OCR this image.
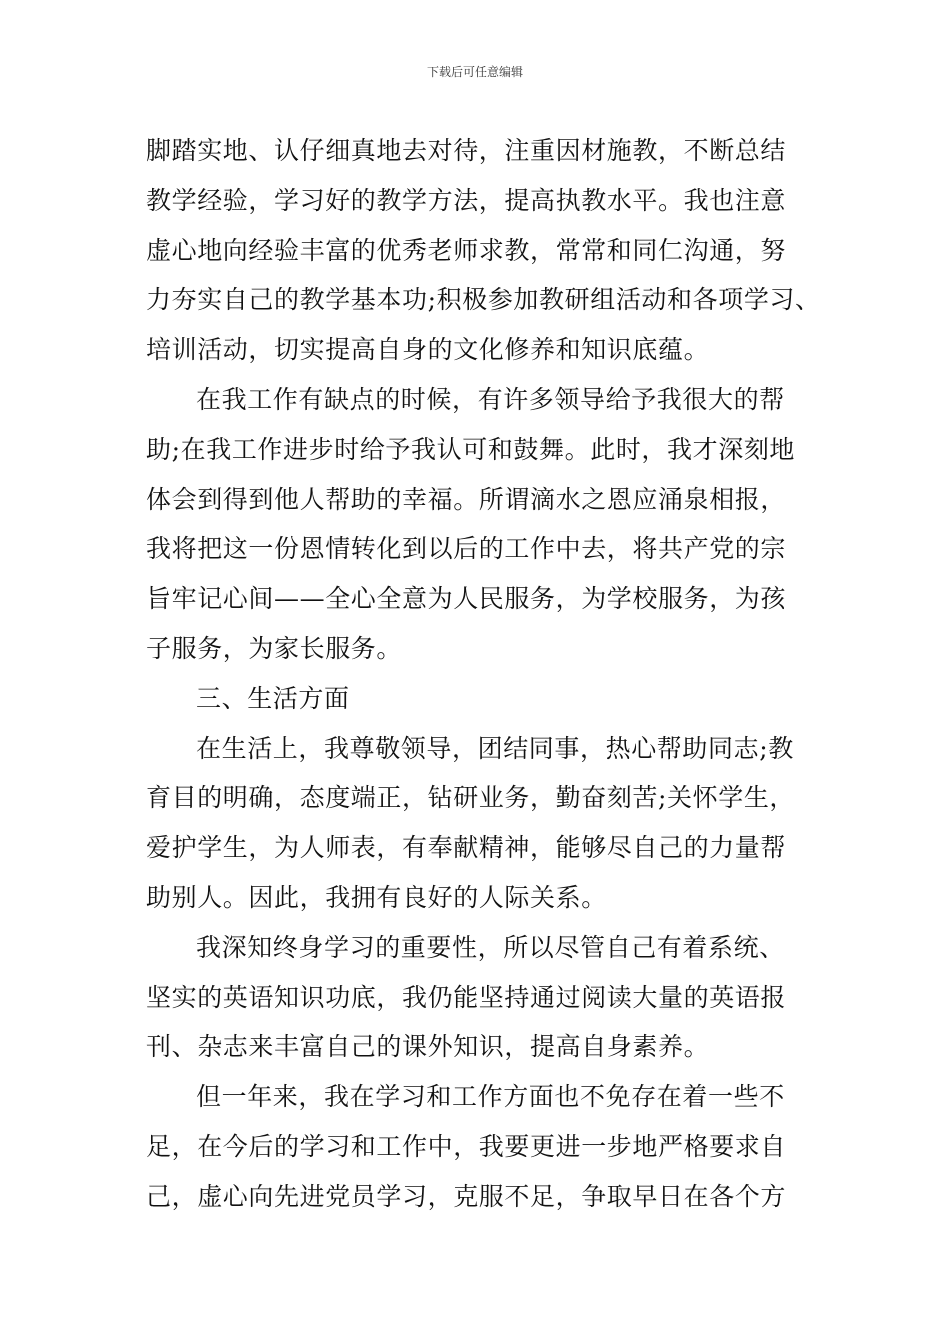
下载后可任意编辑
脚踏实地、认仔细真地去对待，注重因材施教，不断总结
教学经验，学习好的教学方法，提高执教水平。我也注意
虚心地向经验丰富的优秀老师求教，常常和同仁沟通，努
力夯实自己的教学基本功;积极参加教研组活动和各项学习、
培训活动，切实提高自身的文化修养和知识底蕴。
在我工作有缺点的时候，有许多领导给予我很大的帮
助;在我工作进步时给予我认可和鼓舞。此时，我才深刻地
体会到得到他人帮助的幸福。所谓滴水之恩应涌泉相报，
我将把这一份恩情转化到以后的工作中去，将共产党的宗
旨牢记心间——全心全意为人民服务，为学校服务，为孩
子服务，为家长服务。
三、生活方面
在生活上，我尊敬领导，团结同事，热心帮助同志;教
育目的明确，态度端正，钻研业务，勤奋刻苦;关怀学生，
爱护学生，为人师表，有奉献精神，能够尽自己的力量帮
助别人。因此，我拥有良好的人际关系。
我深知终身学习的重要性，所以尽管自己有着系统、
坚实的英语知识功底，我仍能坚持通过阅读大量的英语报
刊、杂志来丰富自己的课外知识，提高自身素养。
但一年来，我在学习和工作方面也不免存在着一些不
足，在今后的学习和工作中，我要更进一步地严格要求自
己，虚心向先进党员学习，克服不足，争取早日在各个方
